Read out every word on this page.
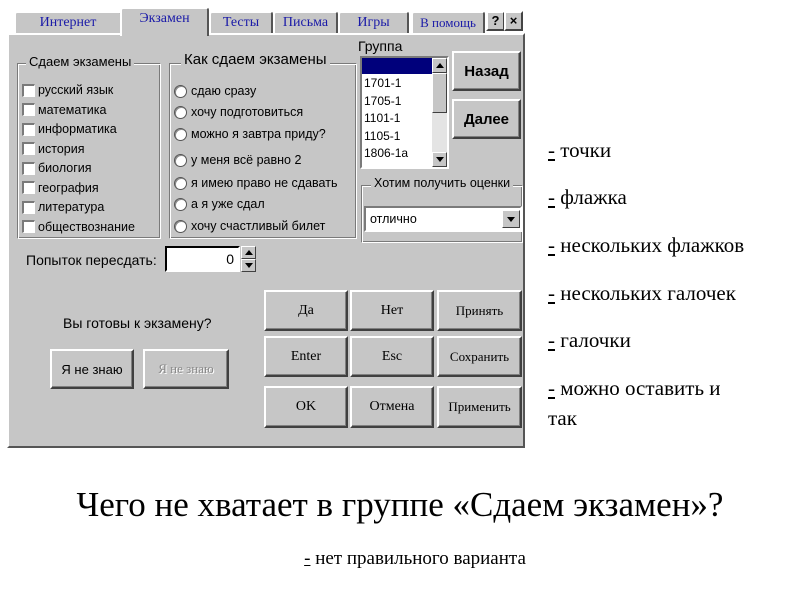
Интернет	Экзамен	Тесты	Письма	Игры	В помощь	? ×
Сдаем экзамены
русский язык
математика
информатика
история
биология
география
литература
обществознание
Как сдаем экзамены
сдаю сразу
хочу подготовиться
можно я завтра приду?
у меня всё равно 2
я имею право не сдавать
а я уже сдал
хочу счастливый билет
Группа
1701-1
1705-1
1101-1
1105-1
1806-1а
Назад
Далее
Хотим получить оценки
отлично
Попыток пересдать:	0
Вы готовы к экзамену?
Я не знаю	Я не знаю
Да	Нет	Принять
Enter	Esc	Сохранить
OK	Отмена	Применить
- точки
- флажка
- нескольких флажков
- нескольких галочек
- галочки
- можно оставить и
так
Чего не хватает в группе «Сдаем экзамен»?
- нет правильного варианта
